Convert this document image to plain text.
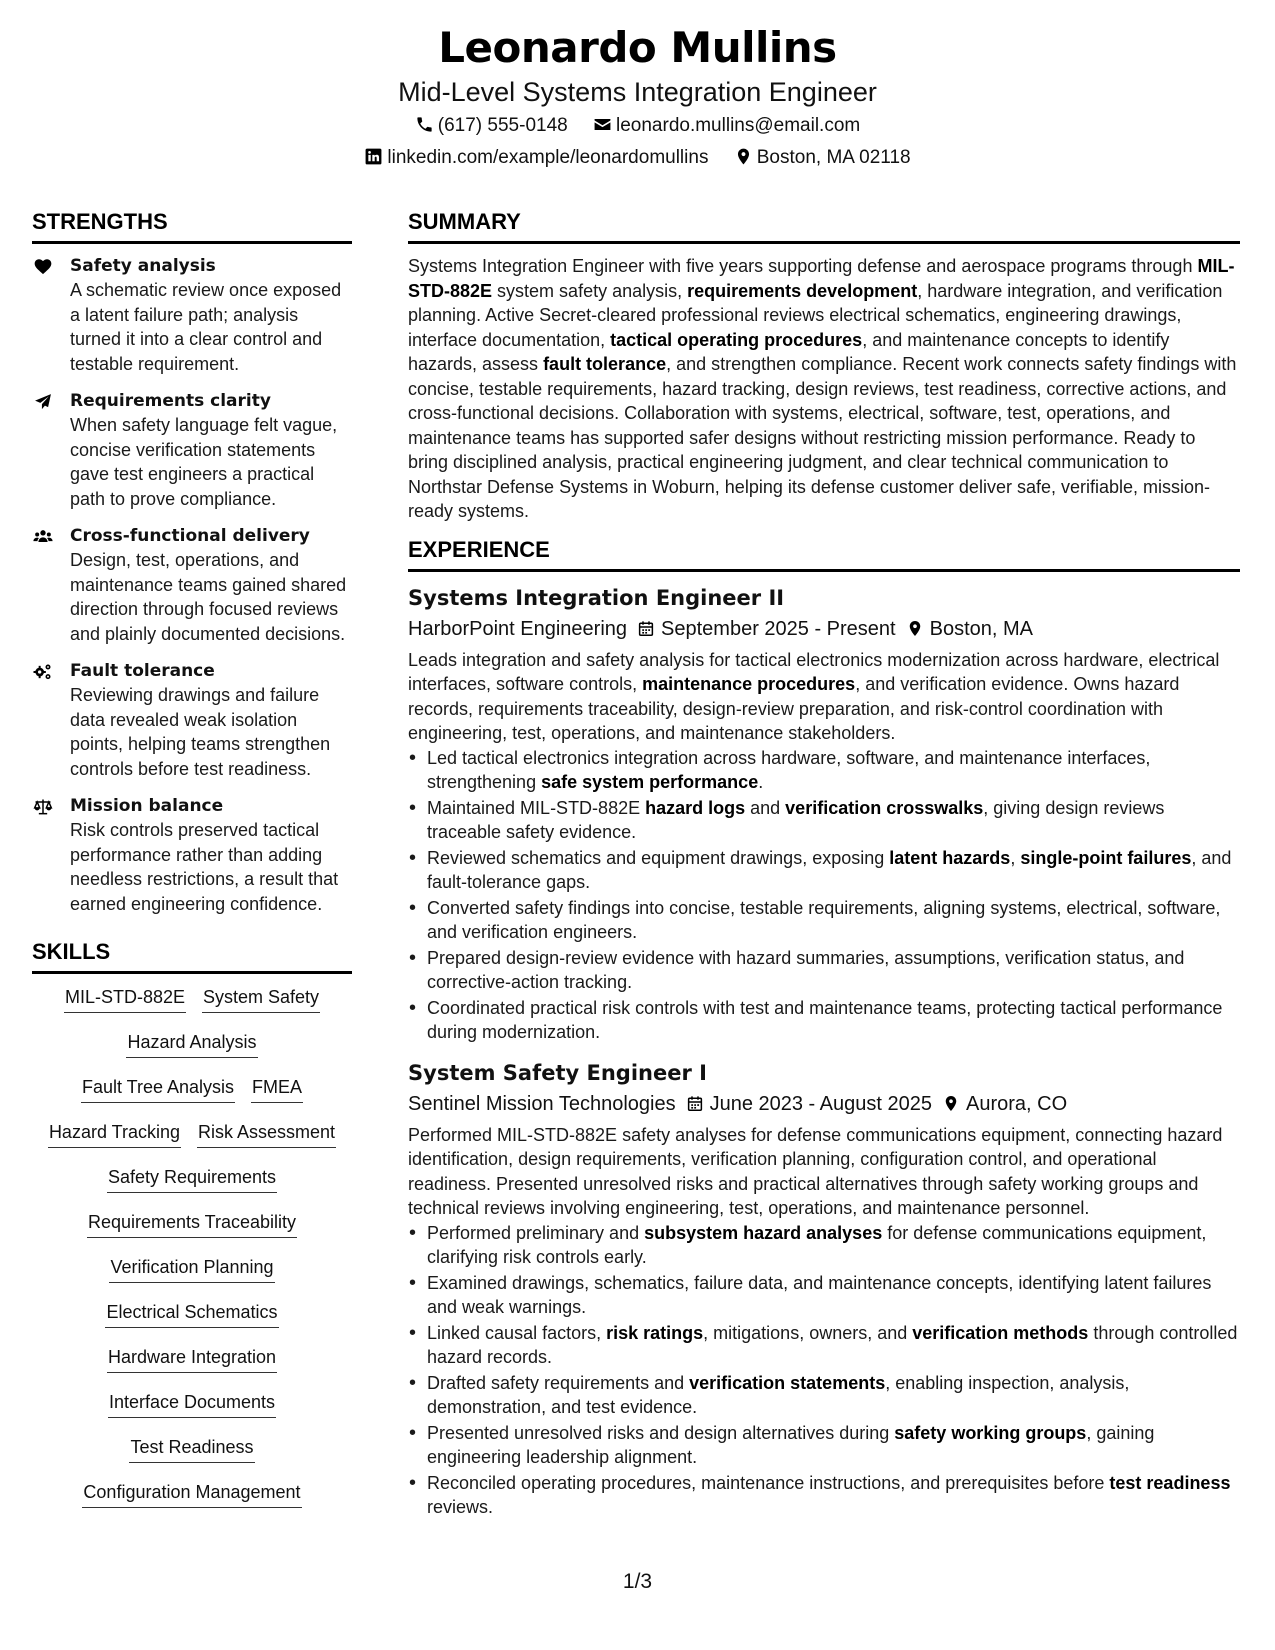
Leonardo Mullins
Mid-Level Systems Integration Engineer
(617) 555-0148	leonardo.mullins@email.com
linkedin.com/example/leonardomullins	Boston, MA 02118
STRENGTHS
Safety analysis
A schematic review once exposed a latent failure path; analysis turned it into a clear control and testable requirement.
Requirements clarity
When safety language felt vague, concise verification statements gave test engineers a practical path to prove compliance.
Cross-functional delivery
Design, test, operations, and maintenance teams gained shared direction through focused reviews and plainly documented decisions.
Fault tolerance
Reviewing drawings and failure data revealed weak isolation points, helping teams strengthen controls before test readiness.
Mission balance
Risk controls preserved tactical performance rather than adding needless restrictions, a result that earned engineering confidence.
SKILLS
MIL-STD-882E System Safety
Hazard Analysis
Fault Tree Analysis FMEA
Hazard Tracking Risk Assessment
Safety Requirements
Requirements Traceability
Verification Planning
Electrical Schematics
Hardware Integration
Interface Documents
Test Readiness
Configuration Management
SUMMARY
Systems Integration Engineer with five years supporting defense and aerospace programs through MIL-STD-882E system safety analysis, requirements development, hardware integration, and verification planning. Active Secret-cleared professional reviews electrical schematics, engineering drawings, interface documentation, tactical operating procedures, and maintenance concepts to identify hazards, assess fault tolerance, and strengthen compliance. Recent work connects safety findings with concise, testable requirements, hazard tracking, design reviews, test readiness, corrective actions, and cross-functional decisions. Collaboration with systems, electrical, software, test, operations, and maintenance teams has supported safer designs without restricting mission performance. Ready to bring disciplined analysis, practical engineering judgment, and clear technical communication to Northstar Defense Systems in Woburn, helping its defense customer deliver safe, verifiable, mission-ready systems.
EXPERIENCE
Systems Integration Engineer II
HarborPoint Engineering September 2025 - Present Boston, MA
Leads integration and safety analysis for tactical electronics modernization across hardware, electrical interfaces, software controls, maintenance procedures, and verification evidence. Owns hazard records, requirements traceability, design-review preparation, and risk-control coordination with engineering, test, operations, and maintenance stakeholders.
• Led tactical electronics integration across hardware, software, and maintenance interfaces, strengthening safe system performance.
• Maintained MIL-STD-882E hazard logs and verification crosswalks, giving design reviews traceable safety evidence.
• Reviewed schematics and equipment drawings, exposing latent hazards, single-point failures, and fault-tolerance gaps.
• Converted safety findings into concise, testable requirements, aligning systems, electrical, software, and verification engineers.
• Prepared design-review evidence with hazard summaries, assumptions, verification status, and corrective-action tracking.
• Coordinated practical risk controls with test and maintenance teams, protecting tactical performance during modernization.
System Safety Engineer I
Sentinel Mission Technologies June 2023 - August 2025 Aurora, CO
Performed MIL-STD-882E safety analyses for defense communications equipment, connecting hazard identification, design requirements, verification planning, configuration control, and operational readiness. Presented unresolved risks and practical alternatives through safety working groups and technical reviews involving engineering, test, operations, and maintenance personnel.
• Performed preliminary and subsystem hazard analyses for defense communications equipment, clarifying risk controls early.
• Examined drawings, schematics, failure data, and maintenance concepts, identifying latent failures and weak warnings.
• Linked causal factors, risk ratings, mitigations, owners, and verification methods through controlled hazard records.
• Drafted safety requirements and verification statements, enabling inspection, analysis, demonstration, and test evidence.
• Presented unresolved risks and design alternatives during safety working groups, gaining engineering leadership alignment.
• Reconciled operating procedures, maintenance instructions, and prerequisites before test readiness reviews.
1/3
